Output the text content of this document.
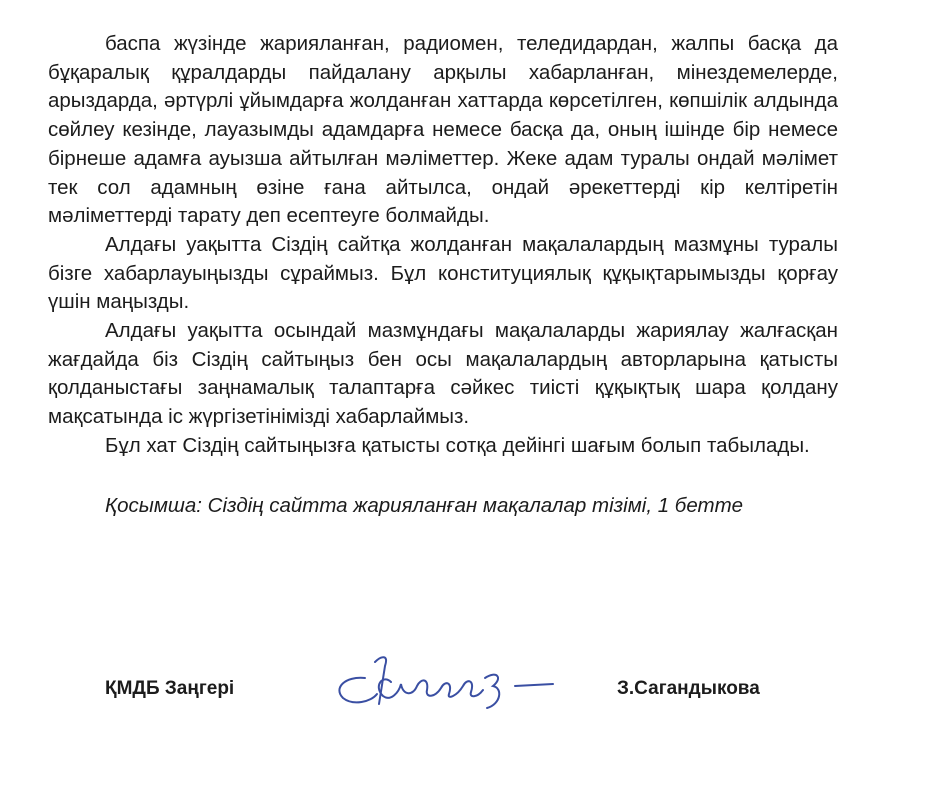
баспа жүзінде жарияланған, радиомен, теледидардан, жалпы басқа да бұқаралық құралдарды пайдалану арқылы хабарланған, мінездемелерде, арыздарда, әртүрлі ұйымдарға жолданған хаттарда көрсетілген, көпшілік алдында сөйлеу кезінде, лауазымды адамдарға немесе басқа да, оның ішінде бір немесе бірнеше адамға ауызша айтылған мәліметтер. Жеке адам туралы ондай мәлімет тек сол адамның өзіне ғана айтылса, ондай әрекеттерді кір келтіретін мәліметтерді тарату деп есептеуге болмайды.

Алдағы уақытта Сіздің сайтқа жолданған мақалалардың мазмұны туралы бізге хабарлауыңызды сұраймыз. Бұл конституциялық құқықтарымызды қорғау үшін маңызды.

Алдағы уақытта осындай мазмұндағы мақалаларды жариялау жалғасқан жағдайда біз Сіздің сайтыңыз бен осы мақалалардың авторларына қатысты қолданыстағы заңнамалық талаптарға сәйкес тиісті құқықтық шара қолдану мақсатында іс жүргізетінімізді хабарлаймыз.

Бұл хат Сіздің сайтыңызға қатысты сотқа дейінгі шағым болып табылады.

Қосымша: Сіздің сайтта жарияланған мақалалар тізімі, 1 бетте

ҚМДБ Заңгері	З.Сагандыкова
